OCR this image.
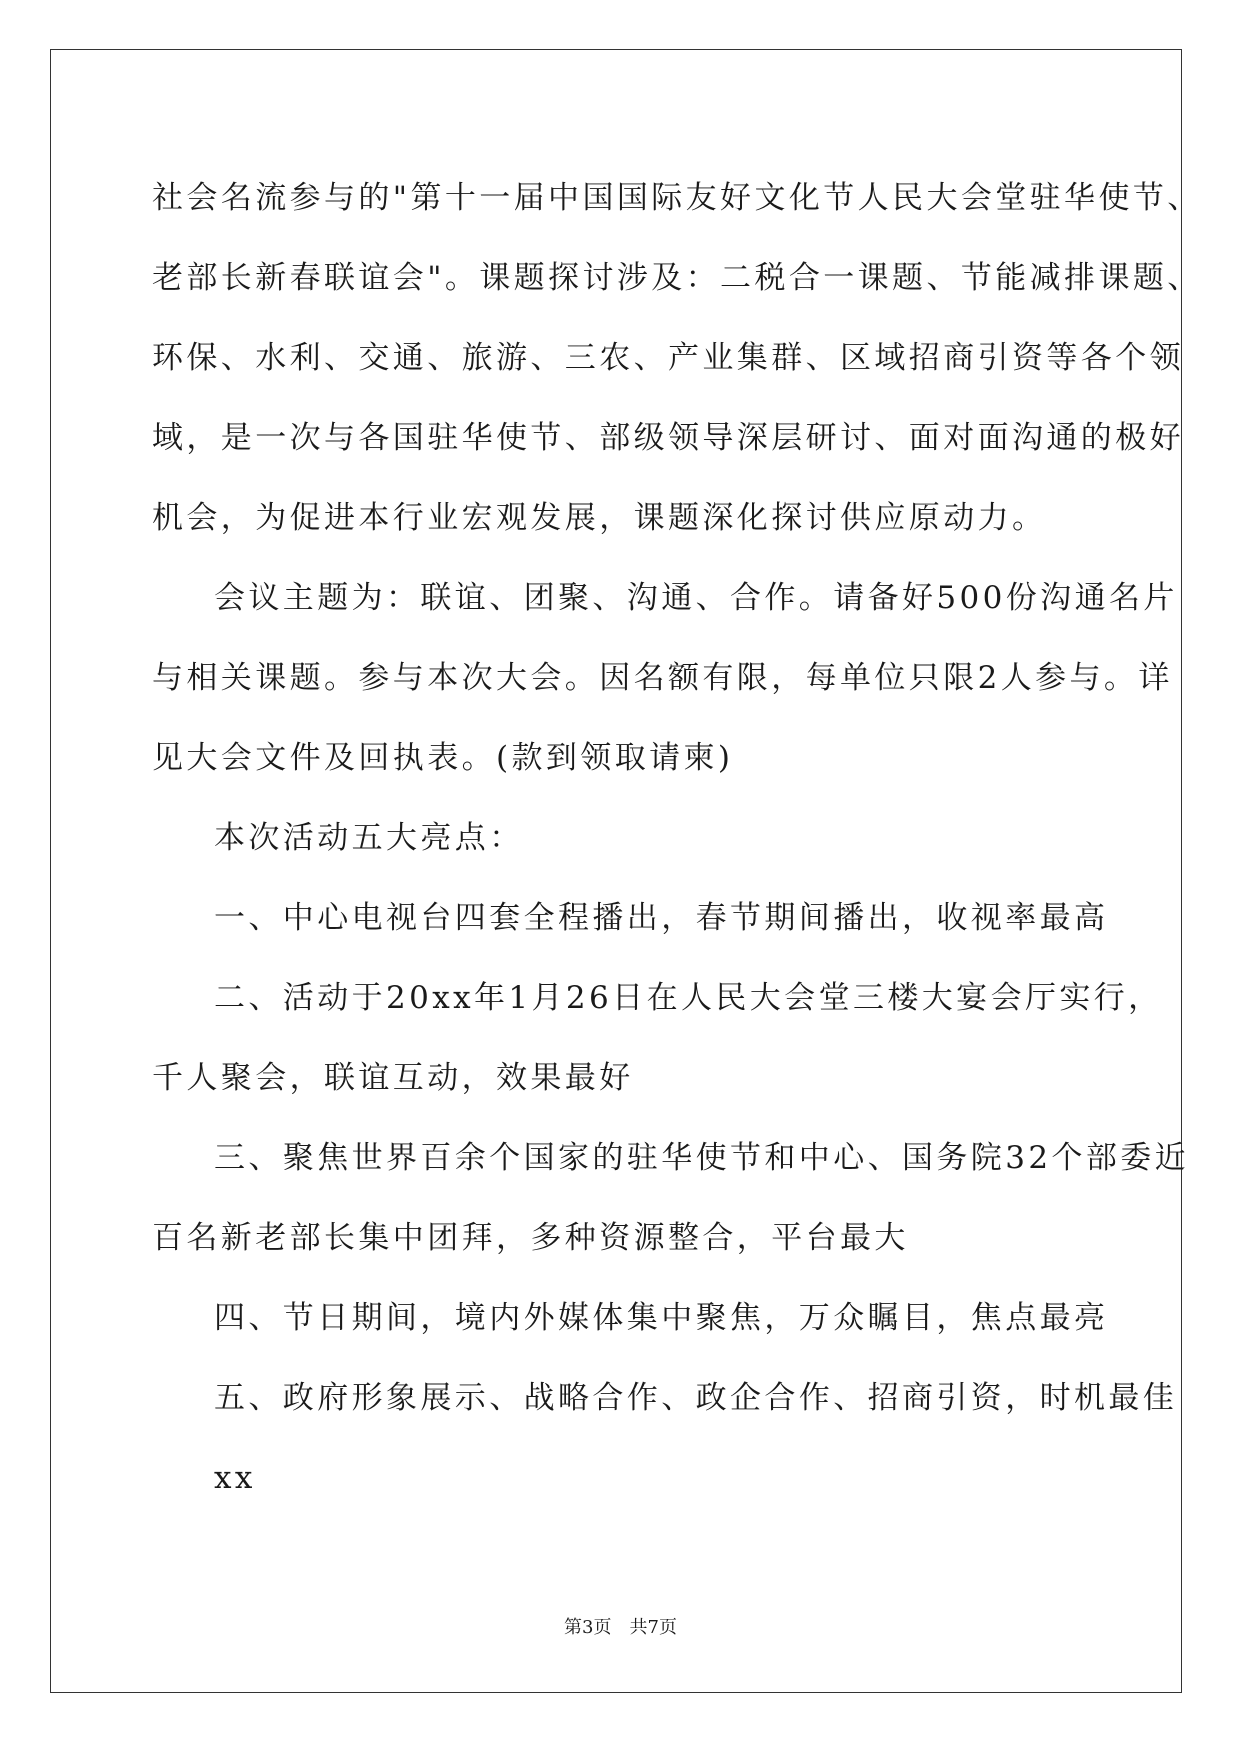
社会名流参与的"第十一届中国国际友好文化节人民大会堂驻华使节、
老部长新春联谊会"。课题探讨涉及：二税合一课题、节能减排课题、
环保、水利、交通、旅游、三农、产业集群、区域招商引资等各个领
域，是一次与各国驻华使节、部级领导深层研讨、面对面沟通的极好
机会，为促进本行业宏观发展，课题深化探讨供应原动力。
会议主题为：联谊、团聚、沟通、合作。请备好500份沟通名片
与相关课题。参与本次大会。因名额有限，每单位只限2人参与。详
见大会文件及回执表。(款到领取请柬)
本次活动五大亮点：
一、中心电视台四套全程播出，春节期间播出，收视率最高
二、活动于20xx年1月26日在人民大会堂三楼大宴会厅实行，
千人聚会，联谊互动，效果最好
三、聚焦世界百余个国家的驻华使节和中心、国务院32个部委近
百名新老部长集中团拜，多种资源整合，平台最大
四、节日期间，境内外媒体集中聚焦，万众瞩目，焦点最亮
五、政府形象展示、战略合作、政企合作、招商引资，时机最佳
xx
第3页 共7页
